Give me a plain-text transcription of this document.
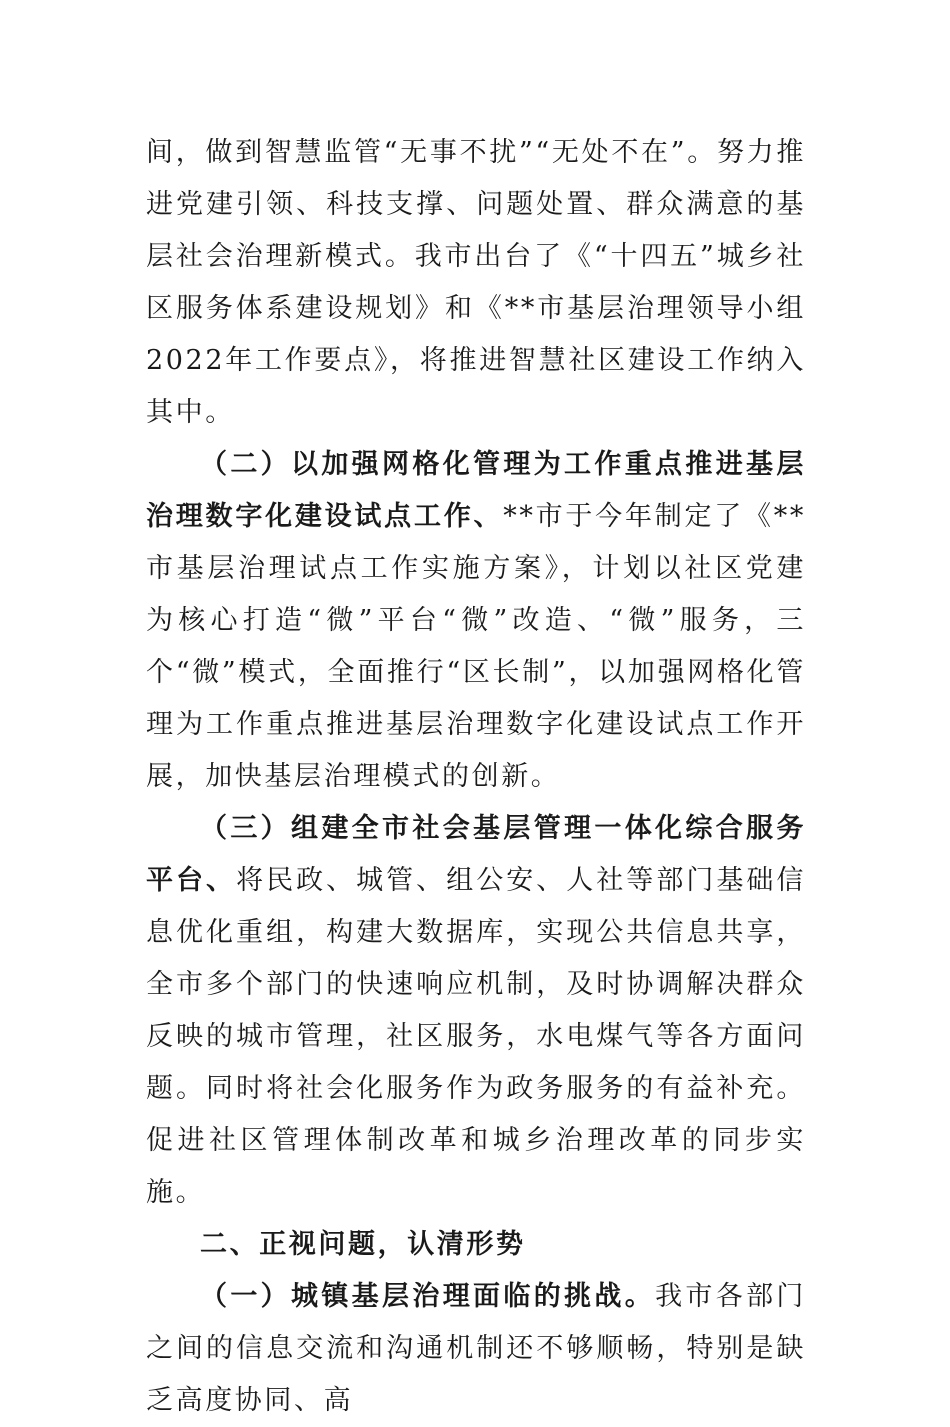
间，做到智慧监管“无事不扰”“无处不在”。努力推进党建引领、科技支撑、问题处置、群众满意的基层社会治理新模式。我市出台了《“十四五”城乡社区服务体系建设规划》和《**市基层治理领导小组2022年工作要点》，将推进智慧社区建设工作纳入其中。

（二）以加强网格化管理为工作重点推进基层治理数字化建设试点工作、**市于今年制定了《**市基层治理试点工作实施方案》，计划以社区党建为核心打造“微”平台“微”改造、“微”服务，三个“微”模式，全面推行“区长制”，以加强网格化管理为工作重点推进基层治理数字化建设试点工作开展，加快基层治理模式的创新。

（三）组建全市社会基层管理一体化综合服务平台、将民政、城管、组公安、人社等部门基础信息优化重组，构建大数据库，实现公共信息共享，全市多个部门的快速响应机制，及时协调解决群众反映的城市管理，社区服务，水电煤气等各方面问题。同时将社会化服务作为政务服务的有益补充。促进社区管理体制改革和城乡治理改革的同步实施。

二、正视问题，认清形势

（一）城镇基层治理面临的挑战。我市各部门之间的信息交流和沟通机制还不够顺畅，特别是缺乏高度协同、高
